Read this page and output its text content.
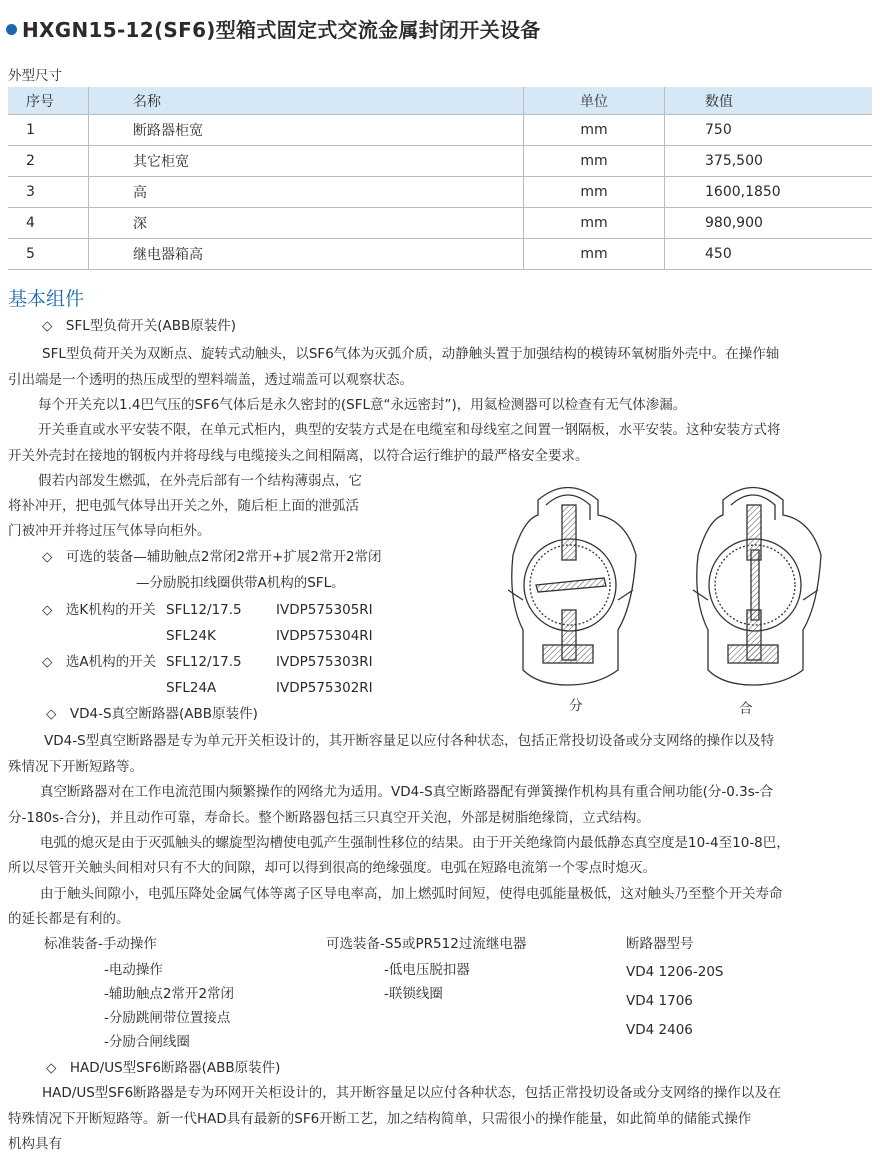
HXGN15-12(SF6)型箱式固定式交流金属封闭开关设备
外型尺寸
序号	名称	单位	数值
1	断路器柜宽	mm	750
2	其它柜宽	mm	375,500
3	高	mm	1600,1850
4	深	mm	980,900
5	继电器箱高	mm	450
基本组件
◇　SFL型负荷开关(ABB原装件)
SFL型负荷开关为双断点、旋转式动触头，以SF6气体为灭弧介质，动静触头置于加强结构的模铸环氧树脂外壳中。在操作轴
引出端是一个透明的热压成型的塑料端盖，透过端盖可以观察状态。
每个开关充以1.4巴气压的SF6气体后是永久密封的(SFL意“永远密封”)，用氦检测器可以检查有无气体渗漏。
开关垂直或水平安装不限，在单元式柜内，典型的安装方式是在电缆室和母线室之间置一钢隔板，水平安装。这种安装方式将
开关外壳封在接地的钢板内并将母线与电缆接头之间相隔离，以符合运行维护的最严格安全要求。
假若内部发生燃弧，在外壳后部有一个结构薄弱点，它
将补冲开，把电弧气体导出开关之外，随后柜上面的泄弧活
门被冲开并将过压气体导向柜外。
◇　可选的装备—辅助触点2常闭2常开+扩展2常开2常闭
—分励脱扣线圈供带A机构的SFL。
◇　选K机构的开关 SFL12/17.5	IVDP575305RI
SFL24K	IVDP575304RI
◇　选A机构的开关 SFL12/17.5	IVDP575303RI
SFL24A	IVDP575302RI
分	合
◇　VD4-S真空断路器(ABB原装件)
VD4-S型真空断路器是专为单元开关柜设计的，其开断容量足以应付各种状态，包括正常投切设备或分支网络的操作以及特
殊情况下开断短路等。
真空断路器对在工作电流范围内频繁操作的网络尤为适用。VD4-S真空断路器配有弹簧操作机构具有重合闸功能(分-0.3s-合
分-180s-合分)，并且动作可靠，寿命长。整个断路器包括三只真空开关泡，外部是树脂绝缘筒，立式结构。
电弧的熄灭是由于灭弧触头的螺旋型沟槽使电弧产生强制性移位的结果。由于开关绝缘筒内最低静态真空度是10-4至10-8巴，
所以尽管开关触头间相对只有不大的间隙，却可以得到很高的绝缘强度。电弧在短路电流第一个零点时熄灭。
由于触头间隙小，电弧压降处金属气体等离子区导电率高，加上燃弧时间短，使得电弧能量极低，这对触头乃至整个开关寿命
的延长都是有利的。
标准装备-手动操作
-电动操作
-辅助触点2常开2常闭
-分励跳闸带位置接点
-分励合闸线圈
可选装备-S5或PR512过流继电器
-低电压脱扣器
-联锁线圈
断路器型号
VD4 1206-20S
VD4 1706
VD4 2406
◇　HAD/US型SF6断路器(ABB原装件)
HAD/US型SF6断路器是专为环网开关柜设计的，其开断容量足以应付各种状态，包括正常投切设备或分支网络的操作以及在
特殊情况下开断短路等。新一代HAD具有最新的SF6开断工艺，加之结构简单，只需很小的操作能量，如此简单的储能式操作
机构具有
